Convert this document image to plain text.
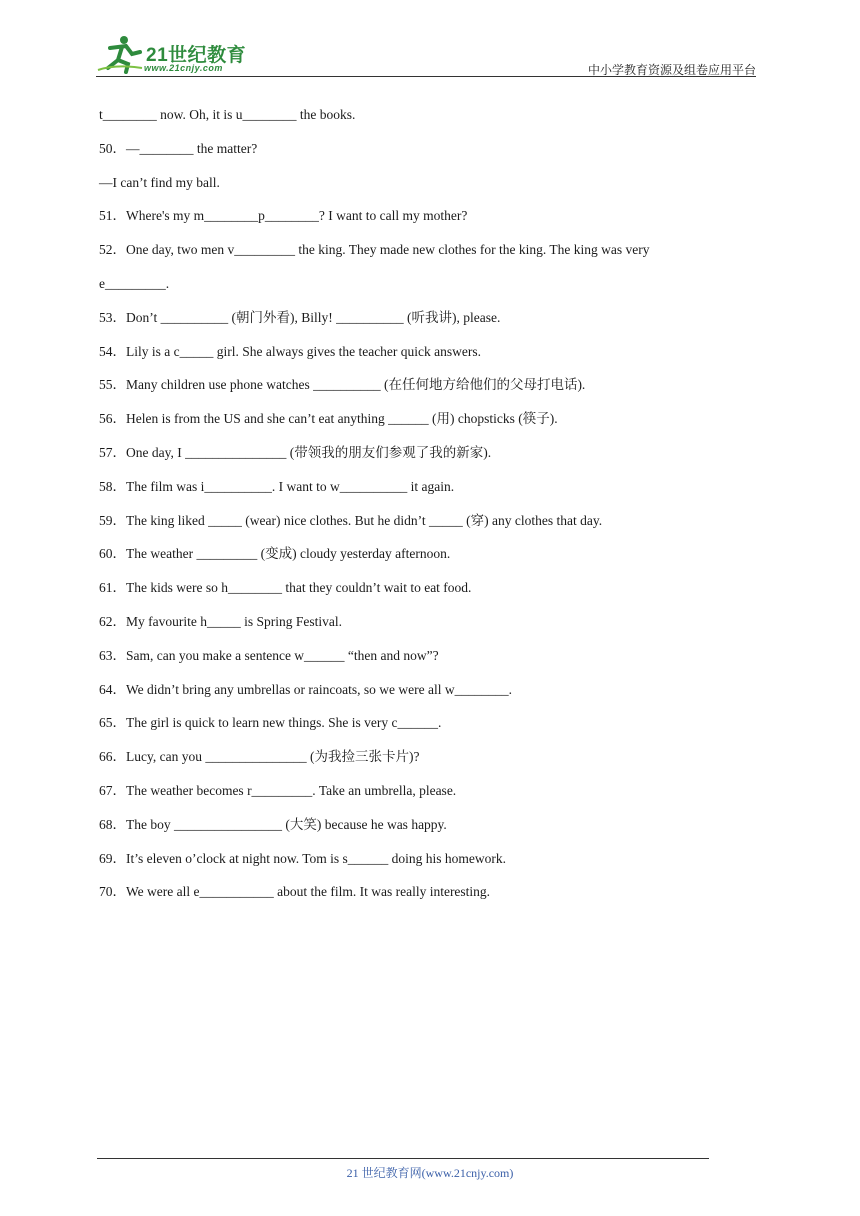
21世纪教育
www.21cnjy.com	中小学教育资源及组卷应用平台
t________ now. Oh, it is u________ the books.
50．—________ the matter?
—I can’t find my ball.
51．Where's my m________p________? I want to call my mother?
52．One day, two men v_________ the king. They made new clothes for the king. The king was very
e_________.
53．Don’t __________ (朝门外看), Billy! __________ (听我讲), please.
54．Lily is a c_____ girl. She always gives the teacher quick answers.
55．Many children use phone watches __________ (在任何地方给他们的父母打电话).
56．Helen is from the US and she can’t eat anything ______ (用) chopsticks (筷子).
57．One day, I _______________ (带领我的朋友们参观了我的新家).
58．The film was i__________. I want to w__________ it again.
59．The king liked _____ (wear) nice clothes. But he didn’t _____ (穿) any clothes that day.
60．The weather _________ (变成) cloudy yesterday afternoon.
61．The kids were so h________ that they couldn’t wait to eat food.
62．My favourite h_____ is Spring Festival.
63．Sam, can you make a sentence w______ “then and now”?
64．We didn’t bring any umbrellas or raincoats, so we were all w________.
65．The girl is quick to learn new things. She is very c______.
66．Lucy, can you _______________ (为我捡三张卡片)?
67．The weather becomes r_________. Take an umbrella, please.
68．The boy ________________ (大笑) because he was happy.
69．It’s eleven o’clock at night now. Tom is s______ doing his homework.
70．We were all e___________ about the film. It was really interesting.
21 世纪教育网(www.21cnjy.com)
